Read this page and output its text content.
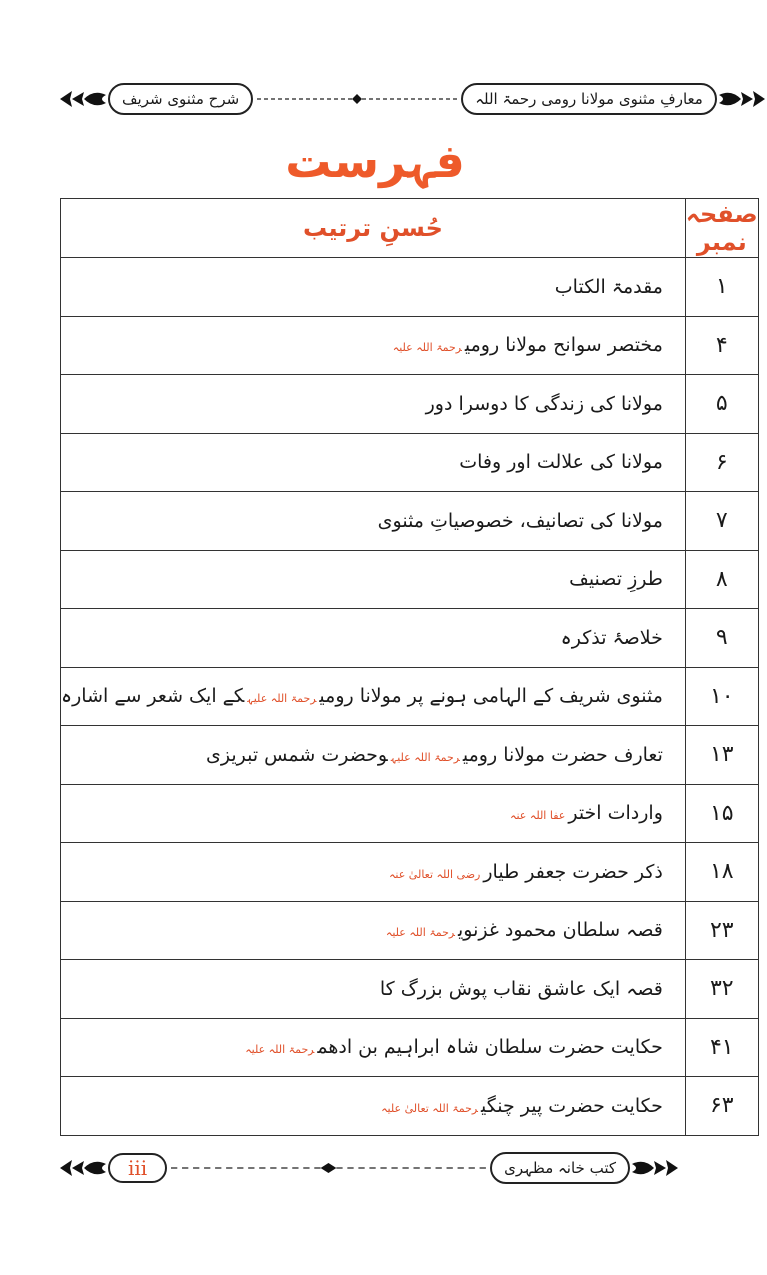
شرح مثنوی شریف	معارفِ مثنوی مولانا رومی رحمۃ اللہ
فہرست
صفحہ نمبر	حُسنِ ترتیب
۱	مقدمۃ الکتاب
۴	مختصر سوانح مولانا رومیرحمۃ اللہ علیہ
۵	مولانا کی زندگی کا دوسرا دور
۶	مولانا کی علالت اور وفات
۷	مولانا کی تصانیف، خصوصیاتِ مثنوی
۸	طرزِ تصنیف
۹	خلاصۂ تذکرہ
۱۰	مثنوی شریف کے الہامی ہونے پر مولانا رومیرحمۃ اللہ علیہکے ایک شعر سے اشارہ
۱۳	تعارف حضرت مولانا رومیرحمۃ اللہ علیہوحضرت شمس تبریزی
۱۵	واردات اخترعفا اللہ عنہ
۱۸	ذکر حضرت جعفر طیاررضی اللہ تعالیٰ عنہ
۲۳	قصہ سلطان محمود غزنویرحمۃ اللہ علیہ
۳۲	قصہ ایک عاشق نقاب پوش بزرگ کا
۴۱	حکایت حضرت سلطان شاہ ابراہیم بن ادھمرحمۃ اللہ علیہ
۶۳	حکایت حضرت پیر چنگیرحمۃ اللہ تعالیٰ علیہ
iii	کتب خانہ مظہری
